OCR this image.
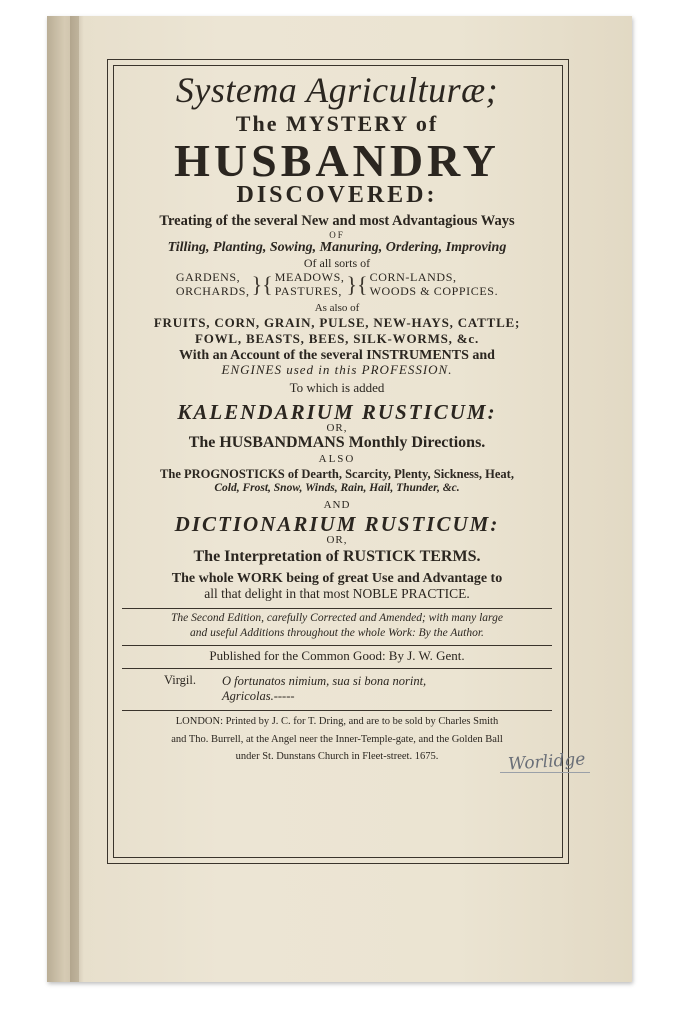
Systema Agriculturæ;
The MYSTERY of
HUSBANDRY
DISCOVERED:
Treating of the several New and most Advantagious Ways
OF
Tilling, Planting, Sowing, Manuring, Ordering, Improving
Of all sorts of
GARDENS,
ORCHARDS, }{ MEADOWS,
PASTURES, }{ CORN-LANDS,
WOODS & COPPICES.
As also of
FRUITS, CORN, GRAIN, PULSE, NEW-HAYS, CATTLE;
FOWL, BEASTS, BEES, SILK-WORMS, &c.
With an Account of the several INSTRUMENTS and
ENGINES used in this PROFESSION.
To which is added
KALENDARIUM RUSTICUM:
OR,
The HUSBANDMANS Monthly Directions.
ALSO
The PROGNOSTICKS of Dearth, Scarcity, Plenty, Sickness, Heat,
Cold, Frost, Snow, Winds, Rain, Hail, Thunder, &c.
AND
DICTIONARIUM RUSTICUM:
OR,
The Interpretation of RUSTICK TERMS.
The whole WORK being of great Use and Advantage to
all that delight in that most NOBLE PRACTICE.
The Second Edition, carefully Corrected and Amended; with many large
and useful Additions throughout the whole Work: By the Author.
Published for the Common Good: By J. W. Gent.
Virgil.	O fortunatos nimium, sua si bona norint,
Agricolas.-----
LONDON: Printed by J. C. for T. Dring, and are to be sold by Charles Smith
and Tho. Burrell, at the Angel neer the Inner-Temple-gate, and the Golden Ball
under St. Dunstans Church in Fleet-street. 1675.	Worlidge
